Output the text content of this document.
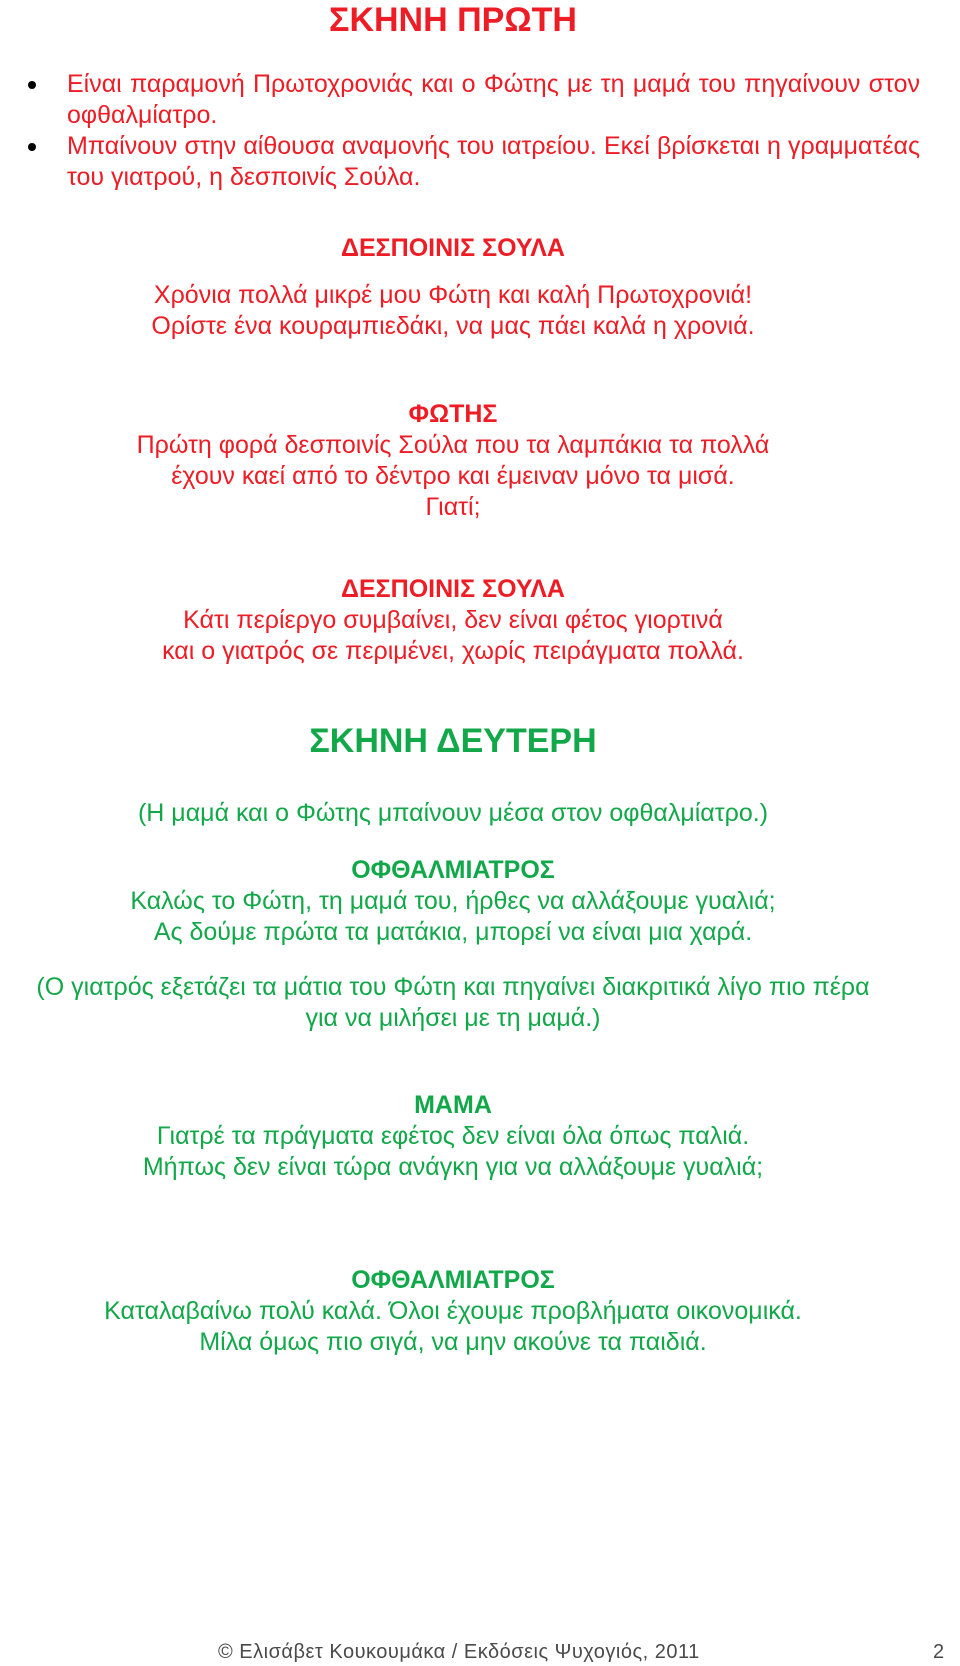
ΣΚΗΝΗ ΠΡΩΤΗ
Είναι παραμονή Πρωτοχρονιάς και ο Φώτης με τη μαμά του πηγαίνουν στον οφθαλμίατρο.
Μπαίνουν στην αίθουσα αναμονής του ιατρείου. Εκεί βρίσκεται η γραμματέας του γιατρού, η δεσποινίς Σούλα.
ΔΕΣΠΟΙΝΙΣ ΣΟΥΛΑ
Χρόνια πολλά μικρέ μου Φώτη και καλή Πρωτοχρονιά!
Ορίστε ένα κουραμπιεδάκι, να μας πάει καλά η χρονιά.
ΦΩΤΗΣ
Πρώτη φορά δεσποινίς Σούλα που τα λαμπάκια τα πολλά
έχουν καεί από το δέντρο και έμειναν μόνο τα μισά.
Γιατί;
ΔΕΣΠΟΙΝΙΣ ΣΟΥΛΑ
Κάτι περίεργο συμβαίνει, δεν είναι φέτος γιορτινά
και ο γιατρός σε περιμένει, χωρίς πειράγματα πολλά.
ΣΚΗΝΗ ΔΕΥΤΕΡΗ
(Η μαμά και ο Φώτης μπαίνουν μέσα στον οφθαλμίατρο.)
ΟΦΘΑΛΜΙΑΤΡΟΣ
Καλώς το Φώτη, τη μαμά του, ήρθες να αλλάξουμε γυαλιά;
Ας δούμε πρώτα τα ματάκια, μπορεί να είναι μια χαρά.
(Ο γιατρός εξετάζει τα μάτια του Φώτη και πηγαίνει διακριτικά λίγο πιο πέρα
για να μιλήσει με τη μαμά.)
ΜΑΜΑ
Γιατρέ τα πράγματα εφέτος δεν είναι όλα όπως παλιά.
Μήπως δεν είναι τώρα ανάγκη για να αλλάξουμε γυαλιά;
ΟΦΘΑΛΜΙΑΤΡΟΣ
Καταλαβαίνω πολύ καλά. Όλοι έχουμε προβλήματα οικονομικά.
Μίλα όμως πιο σιγά, να μην ακούνε τα παιδιά.
© Ελισάβετ Κουκουμάκα / Εκδόσεις Ψυχογιός, 2011	2
